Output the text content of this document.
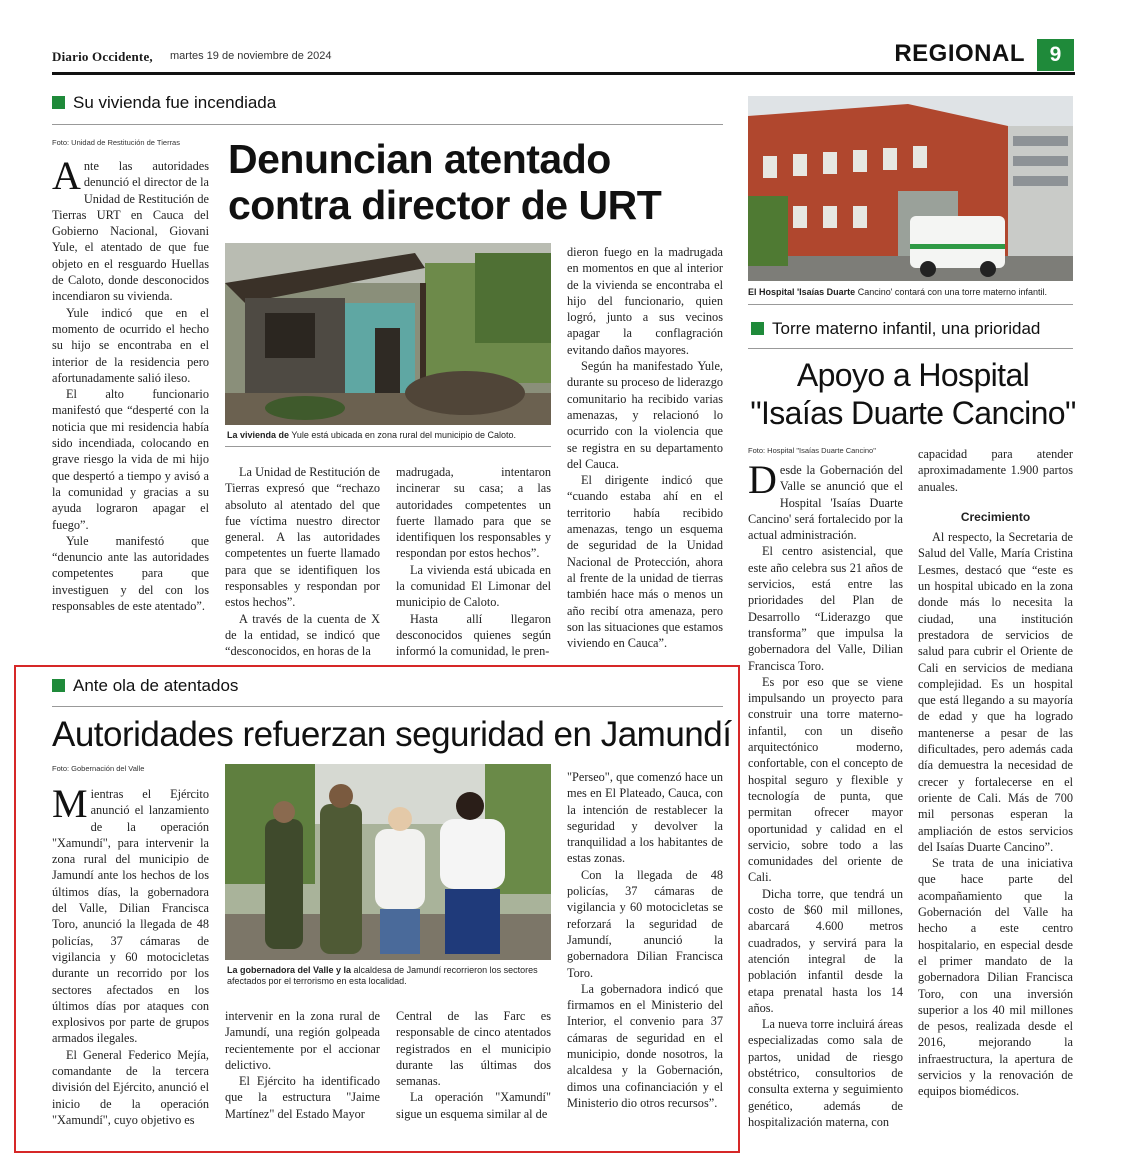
Diario Occidente, martes 19 de noviembre de 2024	REGIONAL	9
Su vivienda fue incendiada
Foto: Unidad de Restitución de Tierras Denuncian atentado
contra director de URT
La vivienda de Yule está ubicada en zona rural del municipio de Caloto.

Ante las autoridades denunció el director de la Unidad de Restitución de Tierras URT en Cauca del Gobierno Nacional, Giovani Yule, el atentado de que fue objeto en el resguardo Huellas de Caloto, donde desconocidos incendiaron su vivienda.

Yule indicó que en el momento de ocurrido el hecho su hijo se encontraba en el interior de la residencia pero afortunadamente salió ileso.

El alto funcionario manifestó que “desperté con la noticia que mi residencia había sido incendiada, colocando en grave riesgo la vida de mi hijo que despertó a tiempo y avisó a la comunidad y gracias a su ayuda lograron apagar el fuego”.

Yule manifestó que “denuncio ante las autoridades competentes para que investiguen y del con los responsables de este atentado”.

La Unidad de Restitución de Tierras expresó que “rechazo absoluto al atentado del que fue víctima nuestro director general. A las autoridades competentes un fuerte llamado para que se identifiquen los responsables y respondan por estos hechos”.

A través de la cuenta de X de la entidad, se indicó que “desconocidos, en horas de la

madrugada, intentaron incinerar su casa; a las autoridades competentes un fuerte llamado para que se identifiquen los responsables y respondan por estos hechos”.

La vivienda está ubicada en la comunidad El Limonar del municipio de Caloto.

Hasta allí llegaron desconocidos quienes según informó la comunidad, le pren-

dieron fuego en la madrugada en momentos en que al interior de la vivienda se encontraba el hijo del funcionario, quien logró, junto a sus vecinos apagar la conflagración evitando daños mayores.

Según ha manifestado Yule, durante su proceso de liderazgo comunitario ha recibido varias amenazas, y relacionó lo ocurrido con la violencia que se registra en su departamento del Cauca.

El dirigente indicó que “cuando estaba ahí en el territorio había recibido amenazas, tengo un esquema de seguridad de la Unidad Nacional de Protección, ahora al frente de la unidad de tierras también hace más o menos un año recibí otra amenaza, pero son las situaciones que estamos viviendo en Cauca”.

Ante ola de atentados
Autoridades refuerzan seguridad en Jamundí
Foto: Gobernación del Valle
La gobernadora del Valle y la alcaldesa de Jamundí recorrieron los sectores afectados por el terrorismo en esta localidad.

Mientras el Ejército anunció el lanzamiento de la operación "Xamundí", para intervenir la zona rural del municipio de Jamundí ante los hechos de los últimos días, la gobernadora del Valle, Dilian Francisca Toro, anunció la llegada de 48 policías, 37 cámaras de vigilancia y 60 motocicletas durante un recorrido por los sectores afectados en los últimos días por ataques con explosivos por parte de grupos armados ilegales.

El General Federico Mejía, comandante de la tercera división del Ejército, anunció el inicio de la operación "Xamundí", cuyo objetivo es

intervenir en la zona rural de Jamundí, una región golpeada recientemente por el accionar delictivo.

El Ejército ha identificado que la estructura "Jaime Martínez" del Estado Mayor

Central de las Farc es responsable de cinco atentados registrados en el municipio durante las últimas dos semanas.

La operación "Xamundí" sigue un esquema similar al de

"Perseo", que comenzó hace un mes en El Plateado, Cauca, con la intención de restablecer la seguridad y devolver la tranquilidad a los habitantes de estas zonas.

Con la llegada de 48 policías, 37 cámaras de vigilancia y 60 motocicletas se reforzará la seguridad de Jamundí, anunció la gobernadora Dilian Francisca Toro.

La gobernadora indicó que firmamos en el Ministerio del Interior, el convenio para 37 cámaras de seguridad en el municipio, donde nosotros, la alcaldesa y la Gobernación, dimos una cofinanciación y el Ministerio dio otros recursos”.

El Hospital 'Isaías Duarte Cancino' contará con una torre materno infantil.
Torre materno infantil, una prioridad
Apoyo a Hospital
"Isaías Duarte Cancino"
Foto: Hospital "Isaías Duarte Cancino"

Desde la Gobernación del Valle se anunció que el Hospital 'Isaías Duarte Cancino' será fortalecido por la actual administración.

El centro asistencial, que este año celebra sus 21 años de servicios, está entre las prioridades del Plan de Desarrollo “Liderazgo que transforma” que impulsa la gobernadora del Valle, Dilian Francisca Toro.

Es por eso que se viene impulsando un proyecto para construir una torre materno-infantil, con un diseño arquitectónico moderno, confortable, con el concepto de hospital seguro y flexible y tecnología de punta, que permitan ofrecer mayor oportunidad y calidad en el servicio, sobre todo a las comunidades del oriente de Cali.

Dicha torre, que tendrá un costo de $60 mil millones, abarcará 4.600 metros cuadrados, y servirá para la atención integral de la población infantil desde la etapa prenatal hasta los 14 años.

La nueva torre incluirá áreas especializadas como sala de partos, unidad de riesgo obstétrico, consultorios de consulta externa y seguimiento genético, además de hospitalización materna, con

capacidad para atender aproximadamente 1.900 partos anuales.

Crecimiento

Al respecto, la Secretaria de Salud del Valle, María Cristina Lesmes, destacó que “este es un hospital ubicado en la zona donde más lo necesita la ciudad, una institución prestadora de servicios de salud para cubrir el Oriente de Cali en servicios de mediana complejidad. Es un hospital que está llegando a su mayoría de edad y que ha logrado mantenerse a pesar de las dificultades, pero además cada día demuestra la necesidad de crecer y fortalecerse en el oriente de Cali. Más de 700 mil personas esperan la ampliación de estos servicios del Isaías Duarte Cancino”.

Se trata de una iniciativa que hace parte del acompañamiento que la Gobernación del Valle ha hecho a este centro hospitalario, en especial desde el primer mandato de la gobernadora Dilian Francisca Toro, con una inversión superior a los 40 mil millones de pesos, realizada desde el 2016, mejorando la infraestructura, la apertura de servicios y la renovación de equipos biomédicos.
